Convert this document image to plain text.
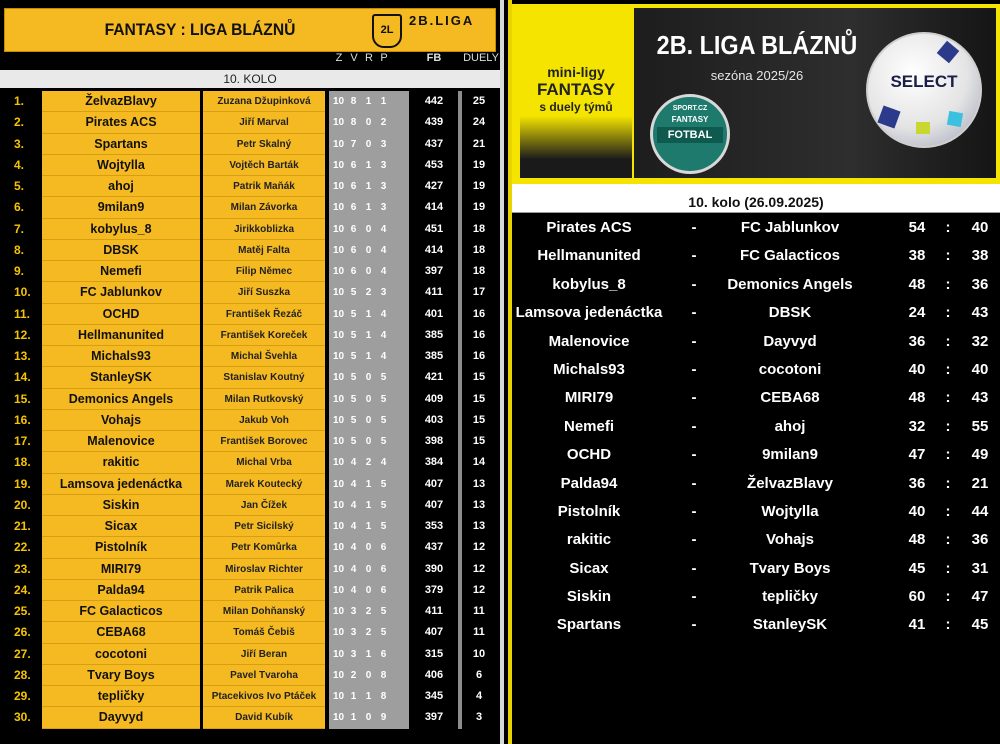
FANTASY : LIGA BLÁZNŮ	2L
2B.LIGA
Z V R P	FB	DUELY
10. KOLO
1.	ŽelvazBlavy	Zuzana Džupinková	10 8 1 1	442	25
2.	Pirates ACS	Jiří Marval	10 8 0 2	439	24
3.	Spartans	Petr Skalný	10 7 0 3	437	21
4.	Wojtylla	Vojtěch Barták	10 6 1 3	453	19
5.	ahoj	Patrik Maňák	10 6 1 3	427	19
6.	9milan9	Milan Závorka	10 6 1 3	414	19
7.	kobylus_8	Jirikkoblizka	10 6 0 4	451	18
8.	DBSK	Matěj Falta	10 6 0 4	414	18
9.	Nemefi	Filip Němec	10 6 0 4	397	18
10.	FC Jablunkov	Jiří Suszka	10 5 2 3	411	17
11.	OCHD	František Řezáč	10 5 1 4	401	16
12.	Hellmanunited	František Koreček	10 5 1 4	385	16
13.	Michals93	Michal Švehla	10 5 1 4	385	16
14.	StanleySK	Stanislav Koutný	10 5 0 5	421	15
15.	Demonics Angels	Milan Rutkovský	10 5 0 5	409	15
16.	Vohajs	Jakub Voh	10 5 0 5	403	15
17.	Malenovice	František Borovec	10 5 0 5	398	15
18.	rakitic	Michal Vrba	10 4 2 4	384	14
19.	Lamsova jedenáctka	Marek Koutecký	10 4 1 5	407	13
20.	Siskin	Jan Čížek	10 4 1 5	407	13
21.	Sicax	Petr Sicilský	10 4 1 5	353	13
22.	Pistolník	Petr Komůrka	10 4 0 6	437	12
23.	MIRI79	Miroslav Richter	10 4 0 6	390	12
24.	Palda94	Patrik Palica	10 4 0 6	379	12
25.	FC Galacticos	Milan Dohňanský	10 3 2 5	411	11
26.	CEBA68	Tomáš Čebiš	10 3 2 5	407	11
27.	cocotoni	Jiří Beran	10 3 1 6	315	10
28.	Tvary Boys	Pavel Tvaroha	10 2 0 8	406	6
29.	tepličky	Ptacekivos Ivo Ptáček	10 1 1 8	345	4
30.	Dayvyd	David Kubík	10 1 0 9	397	3
2B. LIGA BLÁZNŮ
sezóna 2025/26
mini-ligy
FANTASY
s duely týmů	SPORT.CZ
FANTASY
FOTBAL
SELECT
10. kolo (26.09.2025)
Pirates ACS	-	FC Jablunkov	54	:	40
Hellmanunited	-	FC Galacticos	38	:	38
kobylus_8	-	Demonics Angels	48	:	36
Lamsova jedenáctka	-	DBSK	24	:	43
Malenovice	-	Dayvyd	36	:	32
Michals93	-	cocotoni	40	:	40
MIRI79	-	CEBA68	48	:	43
Nemefi	-	ahoj	32	:	55
OCHD	-	9milan9	47	:	49
Palda94	-	ŽelvazBlavy	36	:	21
Pistolník	-	Wojtylla	40	:	44
rakitic	-	Vohajs	48	:	36
Sicax	-	Tvary Boys	45	:	31
Siskin	-	tepličky	60	:	47
Spartans	-	StanleySK	41	:	45
